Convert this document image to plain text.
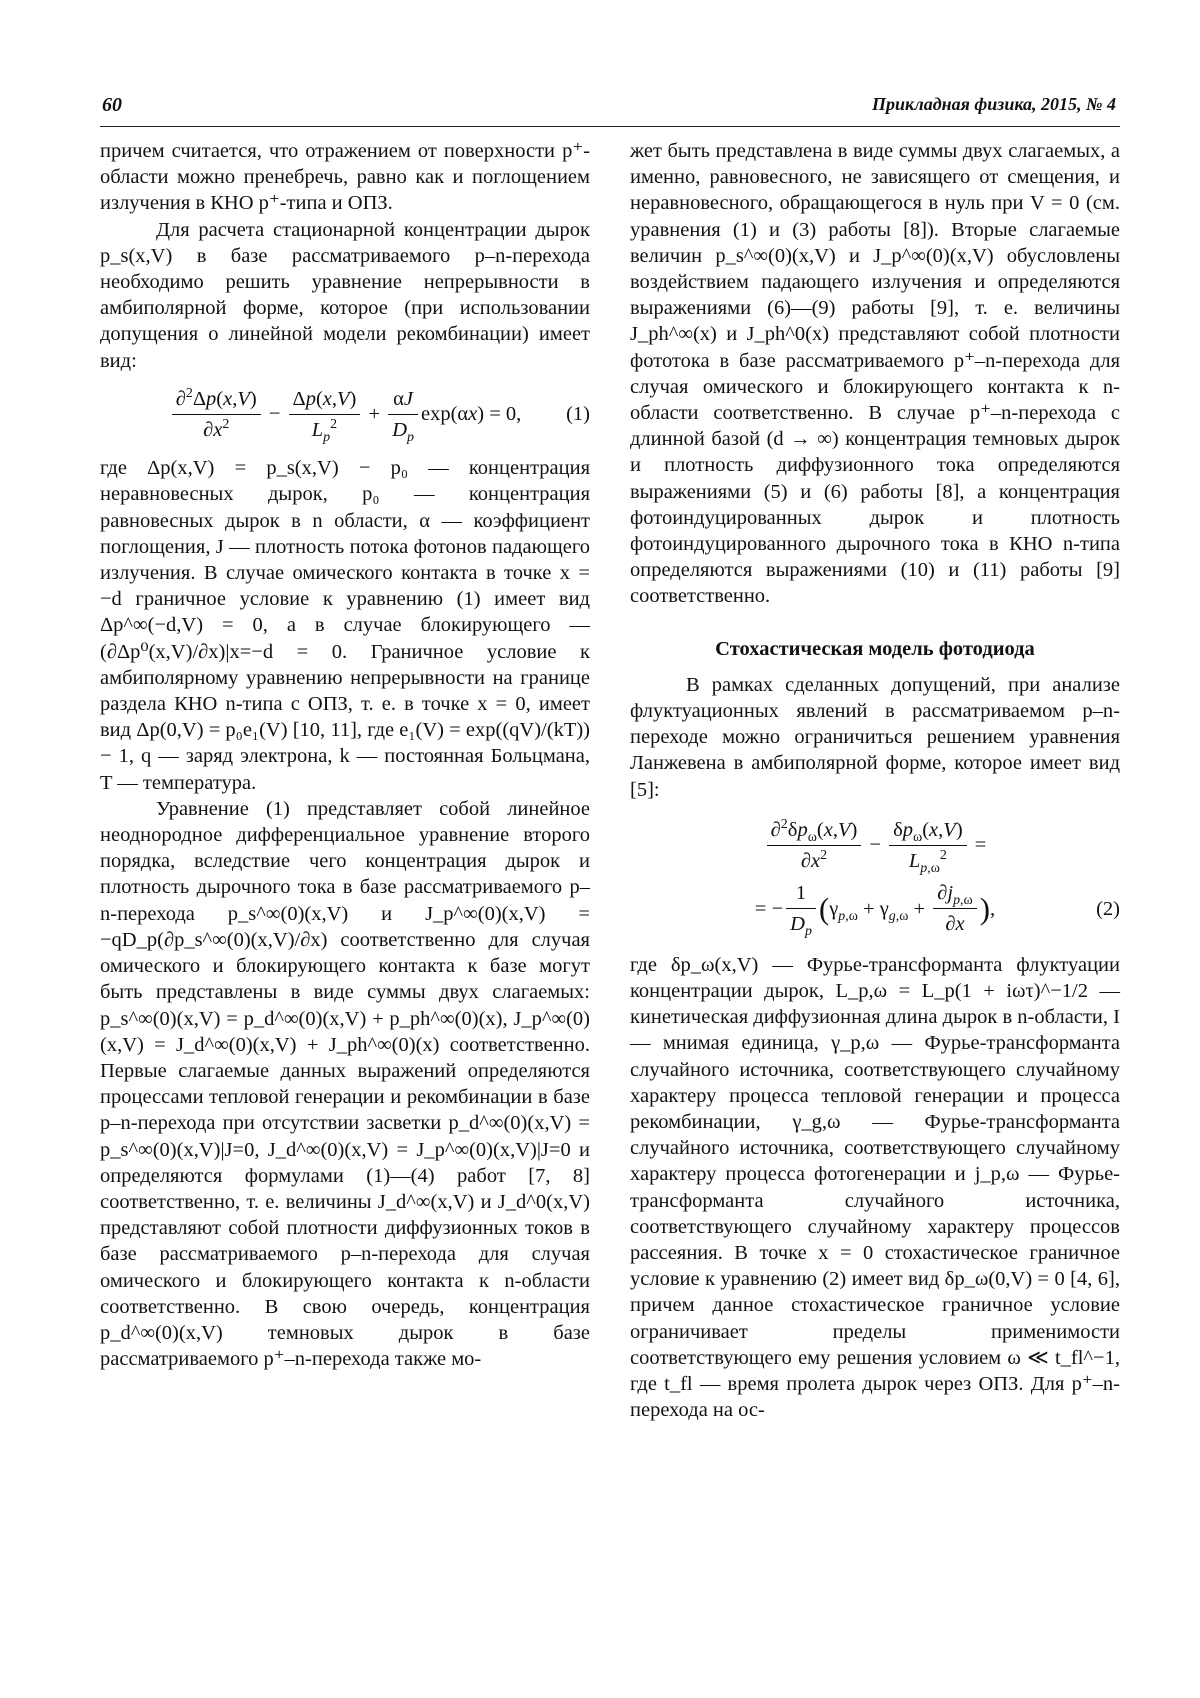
60	Прикладная физика, 2015, № 4

причем считается, что отражением от поверхности p⁺-области можно пренебречь, равно как и поглощением излучения в КНО p⁺-типа и ОПЗ.

Для расчета стационарной концентрации дырок p_s(x,V) в базе рассматриваемого p–n-перехода необходимо решить уравнение непрерывности в амбиполярной форме, которое (при использовании допущения о линейной модели рекомбинации) имеет вид:

$\frac{\partial^2\Delta p(x,V)}{\partial x^2} - \frac{\Delta p(x,V)}{L_p^2} + \frac{\alpha J}{D_p} \exp(\alpha x) = 0$, (1)

где Δp(x,V) = p_s(x,V) − p₀ — концентрация неравновесных дырок, p₀ — концентрация равновесных дырок в n области, α — коэффициент поглощения, J — плотность потока фотонов падающего излучения. В случае омического контакта в точке x = −d граничное условие к уравнению (1) имеет вид Δp^∞(−d,V) = 0, а в случае блокирующего — (∂Δp⁰(x,V)/∂x)|x=−d = 0. Граничное условие к амбиполярному уравнению непрерывности на границе раздела КНО n-типа с ОПЗ, т. е. в точке x = 0, имеет вид Δp(0,V) = p₀e₁(V) [10, 11], где e₁(V) = exp((qV)/(kT)) − 1, q — заряд электрона, k — постоянная Больцмана, T — температура.

Уравнение (1) представляет собой линейное неоднородное дифференциальное уравнение второго порядка, вследствие чего концентрация дырок и плотность дырочного тока в базе рассматриваемого p–n-перехода p_s^∞(0)(x,V) и J_p^∞(0)(x,V) = −qD_p(∂p_s^∞(0)(x,V)/∂x) соответственно для случая омического и блокирующего контакта к базе могут быть представлены в виде суммы двух слагаемых: p_s^∞(0)(x,V) = p_d^∞(0)(x,V) + p_ph^∞(0)(x), J_p^∞(0)(x,V) = J_d^∞(0)(x,V) + J_ph^∞(0)(x) соответственно. Первые слагаемые данных выражений определяются процессами тепловой генерации и рекомбинации в базе p–n-перехода при отсутствии засветки p_d^∞(0)(x,V) = p_s^∞(0)(x,V)|J=0, J_d^∞(0)(x,V) = J_p^∞(0)(x,V)|J=0 и определяются формулами (1)—(4) работ [7, 8] соответственно, т. е. величины J_d^∞(x,V) и J_d^0(x,V) представляют собой плотности диффузионных токов в базе рассматриваемого p–n-перехода для случая омического и блокирующего контакта к n-области соответственно. В свою очередь, концентрация p_d^∞(0)(x,V) темновых дырок в базе рассматриваемого p⁺–n-перехода также мо-

жет быть представлена в виде суммы двух слагаемых, а именно, равновесного, не зависящего от смещения, и неравновесного, обращающегося в нуль при V = 0 (см. уравнения (1) и (3) работы [8]). Вторые слагаемые величин p_s^∞(0)(x,V) и J_p^∞(0)(x,V) обусловлены воздействием падающего излучения и определяются выражениями (6)—(9) работы [9], т. е. величины J_ph^∞(x) и J_ph^0(x) представляют собой плотности фототока в базе рассматриваемого p⁺–n-перехода для случая омического и блокирующего контакта к n-области соответственно. В случае p⁺–n-перехода с длинной базой (d → ∞) концентрация темновых дырок и плотность диффузионного тока определяются выражениями (5) и (6) работы [8], а концентрация фотоиндуцированных дырок и плотность фотоиндуцированного дырочного тока в КНО n-типа определяются выражениями (10) и (11) работы [9] соответственно.

Стохастическая модель фотодиода

В рамках сделанных допущений, при анализе флуктуационных явлений в рассматриваемом p–n-переходе можно ограничиться решением уравнения Ланжевена в амбиполярной форме, которое имеет вид [5]:

$\frac{\partial^2\delta p_\omega(x,V)}{\partial x^2} - \frac{\delta p_\omega(x,V)}{L_{p,\omega}^2}$ =
= − $\frac{1}{D_p}$ ( $\gamma_{p,\omega} + \gamma_{g,\omega} + \frac{\partial j_{p,\omega}}{\partial x}$ ) ,	(2)

где δp_ω(x,V) — Фурье-трансформанта флуктуации концентрации дырок, L_p,ω = L_p(1 + iωτ)^−1/2 — кинетическая диффузионная длина дырок в n-области, I — мнимая единица, γ_p,ω — Фурье-трансформанта случайного источника, соответствующего случайному характеру процесса тепловой генерации и процесса рекомбинации, γ_g,ω — Фурье-трансформанта случайного источника, соответствующего случайному характеру процесса фотогенерации и j_p,ω — Фурье-трансформанта случайного источника, соответствующего случайному характеру процессов рассеяния. В точке x = 0 стохастическое граничное условие к уравнению (2) имеет вид δp_ω(0,V) = 0 [4, 6], причем данное стохастическое граничное условие ограничивает пределы применимости соответствующего ему решения условием ω ≪ t_fl^−1, где t_fl — время пролета дырок через ОПЗ. Для p⁺–n-перехода на ос-
